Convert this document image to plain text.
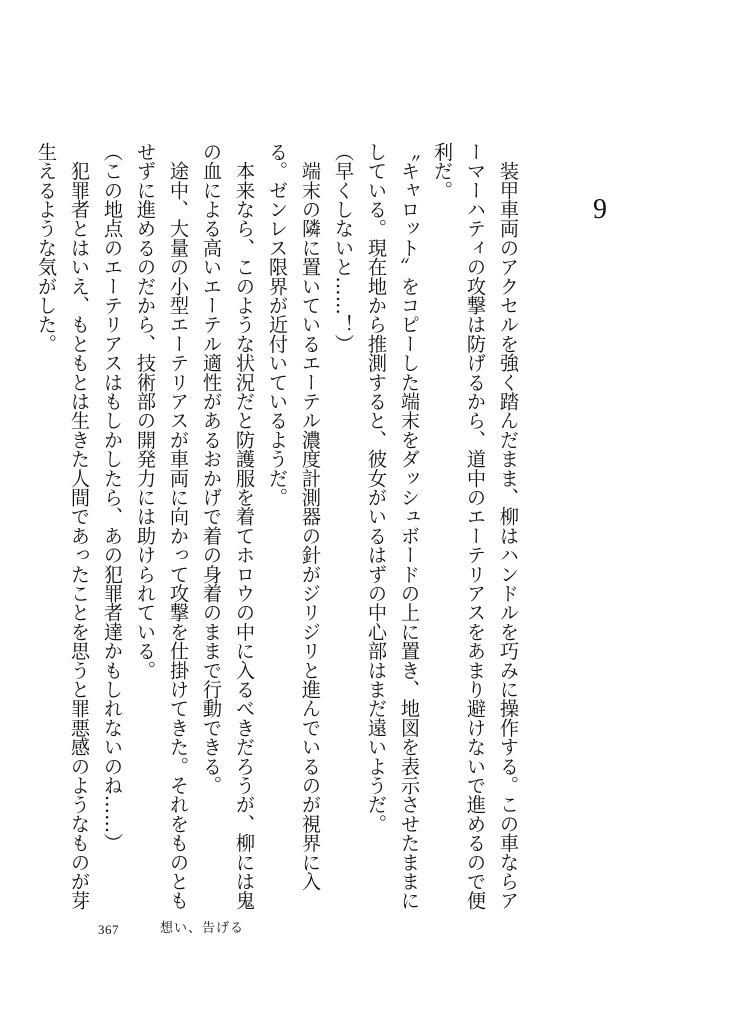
9

　装甲車両のアクセルを強く踏んだまま、柳はハンドルを巧みに操作する。この車ならアーマーハティの攻撃は防げるから、道中のエーテリアスをあまり避けないで進めるので便利だ。

〝キャロット〟をコピーした端末をダッシュボードの上に置き、地図を表示させたままにしている。現在地から推測すると、彼女がいるはずの中心部はまだ遠いようだ。

（早くしないと……！）

　端末の隣に置いているエーテル濃度計測器の針がジリジリと進んでいるのが視界に入る。ゼンレス限界が近付いているようだ。

　本来なら、このような状況だと防護服を着てホロウの中に入るべきだろうが、柳には鬼の血による高いエーテル適性があるおかげで着の身着のままで行動できる。

　途中、大量の小型エーテリアスが車両に向かって攻撃を仕掛けてきた。それをものともせずに進めるのだから、技術部の開発力には助けられている。

（この地点のエーテリアスはもしかしたら、あの犯罪者達かもしれないのね……）

　犯罪者とはいえ、もともとは生きた人間であったことを思うと罪悪感のようなものが芽生えるような気がした。

367	想い、告げる
